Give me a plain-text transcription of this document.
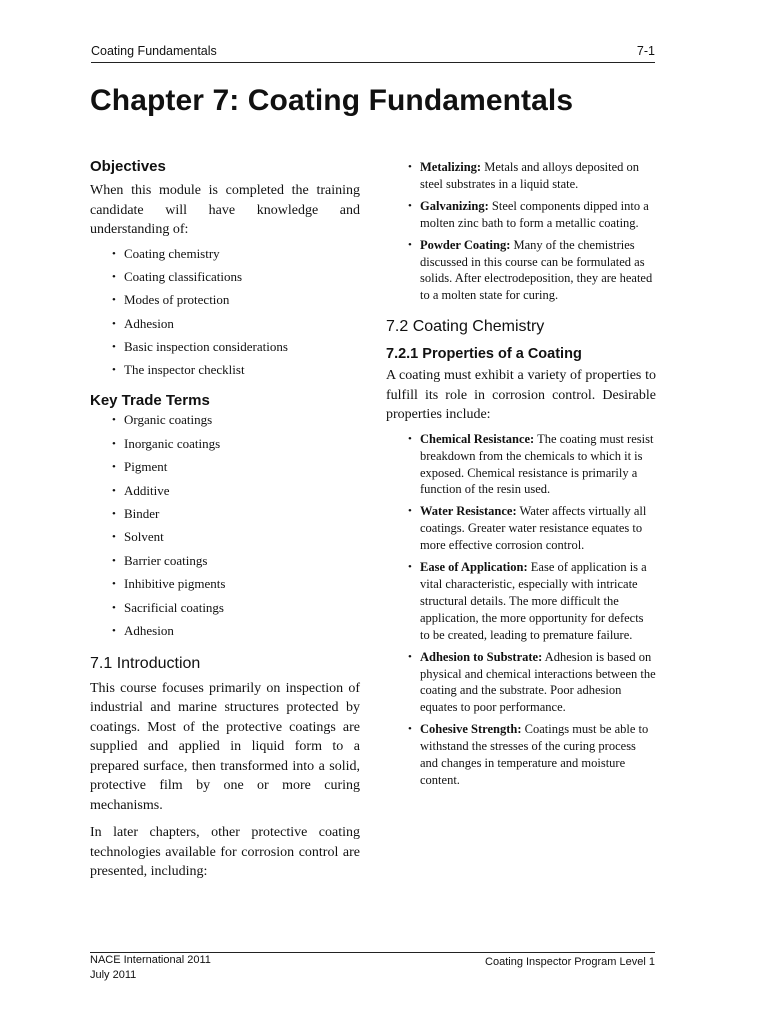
Coating Fundamentals	7-1
Chapter 7: Coating Fundamentals
Objectives

When this module is completed the training candidate will have knowledge and understanding of:

• Coating chemistry
• Coating classifications
• Modes of protection
• Adhesion
• Basic inspection considerations
• The inspector checklist
Key Trade Terms
• Organic coatings
• Inorganic coatings
• Pigment
• Additive
• Binder
• Solvent
• Barrier coatings
• Inhibitive pigments
• Sacrificial coatings
• Adhesion
7.1 Introduction

This course focuses primarily on inspection of industrial and marine structures protected by coatings. Most of the protective coatings are supplied and applied in liquid form to a prepared surface, then transformed into a solid, protective film by one or more curing mechanisms.

In later chapters, other protective coating technologies available for corrosion control are presented, including:

• Metalizing: Metals and alloys deposited on steel substrates in a liquid state.
• Galvanizing: Steel components dipped into a molten zinc bath to form a metallic coating.
• Powder Coating: Many of the chemistries discussed in this course can be formulated as solids. After electrodeposition, they are heated to a molten state for curing.
7.2 Coating Chemistry
7.2.1 Properties of a Coating

A coating must exhibit a variety of properties to fulfill its role in corrosion control. Desirable properties include:

• Chemical Resistance: The coating must resist breakdown from the chemicals to which it is exposed. Chemical resistance is primarily a function of the resin used.
• Water Resistance: Water affects virtually all coatings. Greater water resistance equates to more effective corrosion control.
• Ease of Application: Ease of application is a vital characteristic, especially with intricate structural details. The more difficult the application, the more opportunity for defects to be created, leading to premature failure.
• Adhesion to Substrate: Adhesion is based on physical and chemical interactions between the coating and the substrate. Poor adhesion equates to poor performance.
• Cohesive Strength: Coatings must be able to withstand the stresses of the curing process and changes in temperature and moisture content.
NACE International 2011
July 2011
Coating Inspector Program Level 1
